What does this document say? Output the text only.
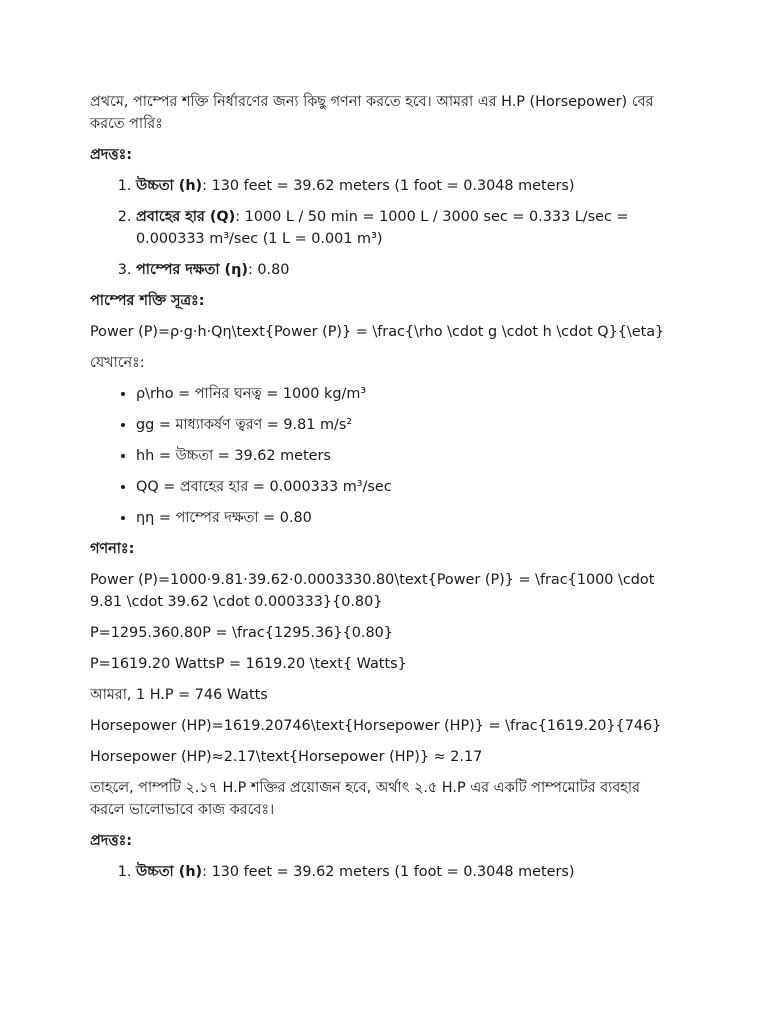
প্রথমে, পাম্পের শক্তি নির্ধারণের জন্য কিছু গণনা করতে হবে। আমরা এর H.P (Horsepower) বের করতে পারিঃ

প্রদত্তঃ:

1. উচ্চতা (h): 130 feet = 39.62 meters (1 foot = 0.3048 meters)
2. প্রবাহের হার (Q): 1000 L / 50 min = 1000 L / 3000 sec = 0.333 L/sec = 0.000333 m³/sec (1 L = 0.001 m³)
3. পাম্পের দক্ষতা (η): 0.80

পাম্পের শক্তি সূত্রঃ:

Power (P)=ρ·g·h·Qη\text{Power (P)} = \frac{\rho \cdot g \cdot h \cdot Q}{\eta}

যেখানেঃ:

• ρ\rho = পানির ঘনত্ব = 1000 kg/m³
• gg = মাধ্যাকর্ষণ ত্বরণ = 9.81 m/s²
• hh = উচ্চতা = 39.62 meters
• QQ = প্রবাহের হার = 0.000333 m³/sec
• ηη = পাম্পের দক্ষতা = 0.80

গণনাঃ:

Power (P)=1000·9.81·39.62·0.0003330.80\text{Power (P)} = \frac{1000 \cdot 9.81 \cdot 39.62 \cdot 0.000333}{0.80}

P=1295.360.80P = \frac{1295.36}{0.80}

P=1619.20 WattsP = 1619.20 \text{ Watts}

আমরা, 1 H.P = 746 Watts

Horsepower (HP)=1619.20746\text{Horsepower (HP)} = \frac{1619.20}{746}

Horsepower (HP)≈2.17\text{Horsepower (HP)} ≈ 2.17

তাহলে, পাম্পটি ২.১৭ H.P শক্তির প্রয়োজন হবে, অর্থাৎ ২.৫ H.P এর একটি পাম্পমোটর ব্যবহার করলে ভালোভাবে কাজ করবেঃ।

প্রদত্তঃ:

1. উচ্চতা (h): 130 feet = 39.62 meters (1 foot = 0.3048 meters)
